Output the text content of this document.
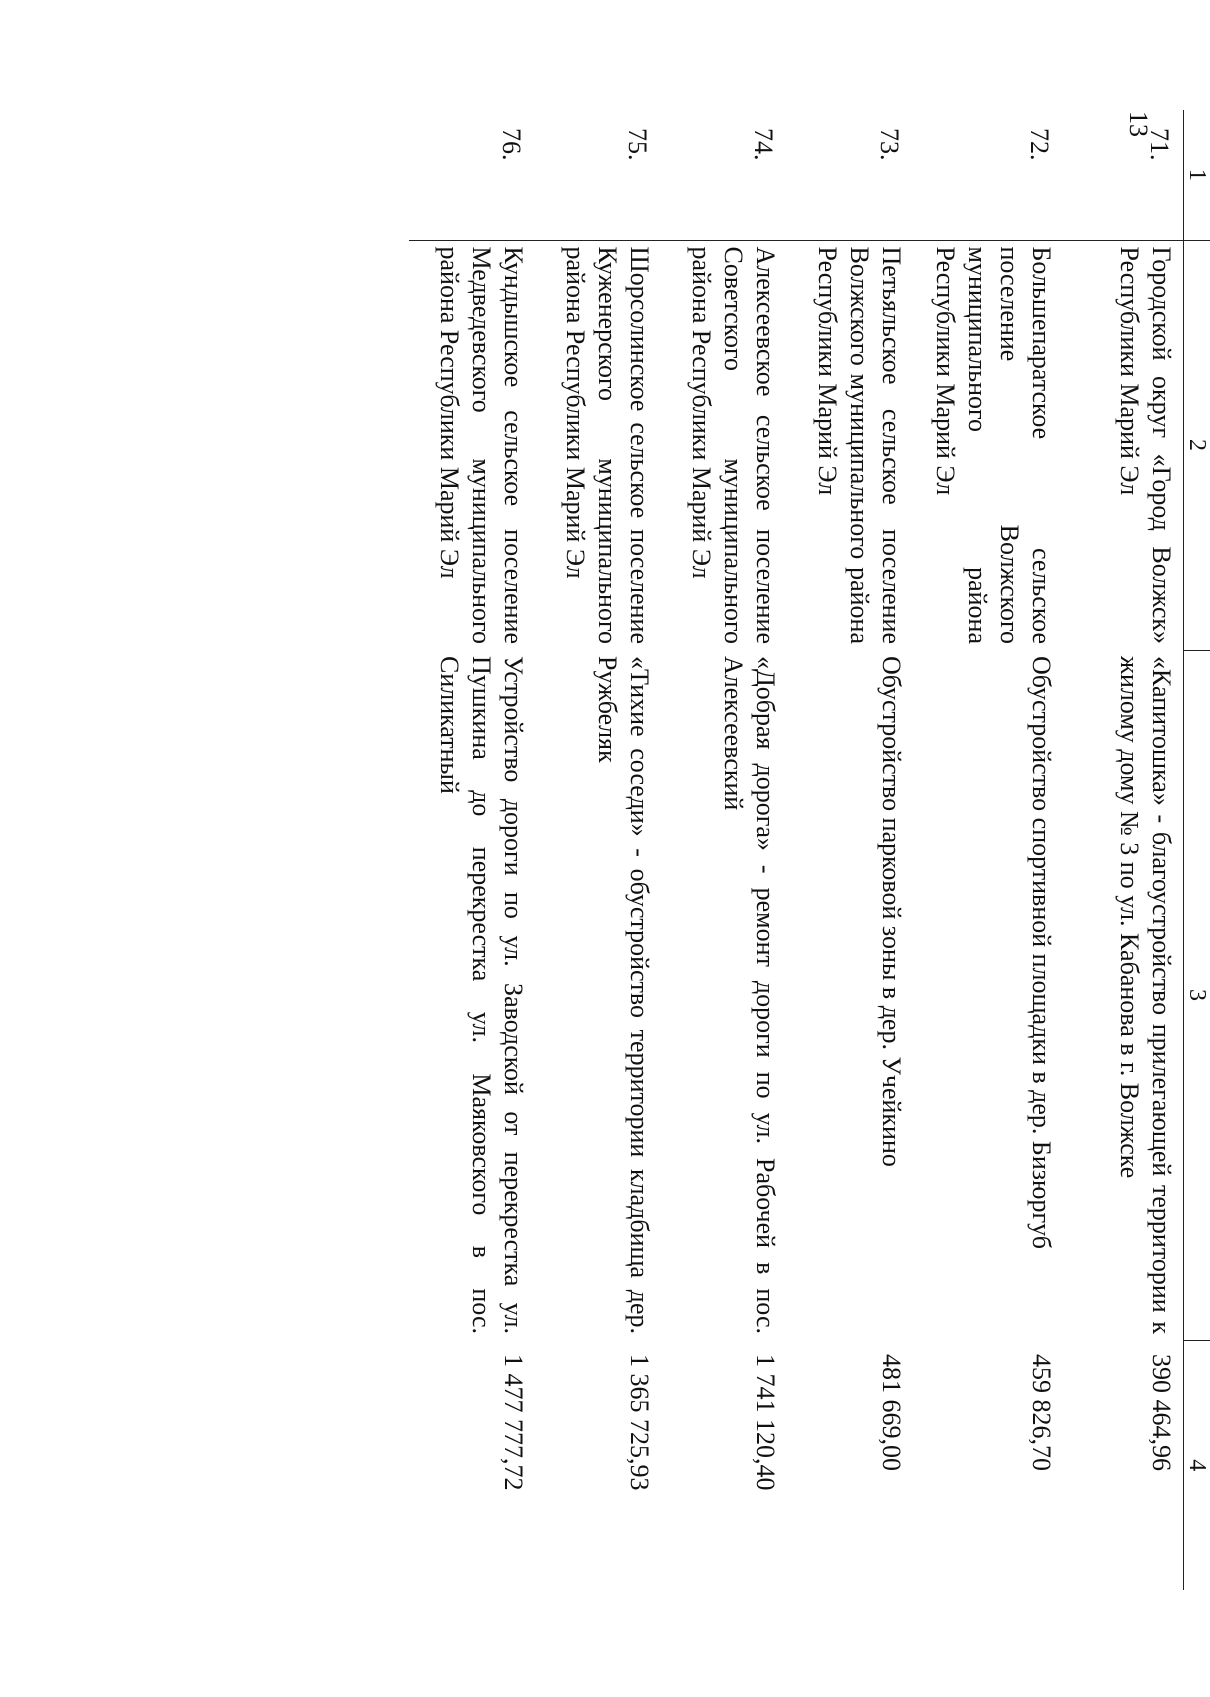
13
1	2	3	4
71.	Городской округ «Город Волжск» Республики Марий Эл	«Капитошка» - благоустройство прилегающей территории к жилому дому № 3 по ул. Кабанова в г. Волжске	390 464,96
72.	Большепаратское сельское поселение Волжского муниципального района Республики Марий Эл	Обустройство спортивной площадки в дер. Бизюргуб	459 826,70
73.	Петьяльское сельское поселение Волжского муниципального района Республики Марий Эл	Обустройство парковой зоны в дер. Учейкино	481 669,00
74.	Алексеевское сельское поселение Советского муниципального района Республики Марий Эл	«Добрая дорога» - ремонт дороги по ул. Рабочей в пос. Алексеевский	1 741 120,40
75.	Шорсолинское сельское поселение Куженерского муниципального района Республики Марий Эл	«Тихие соседи» - обустройство территории кладбища дер. Ружбеляк	1 365 725,93
76.	Кундышское сельское поселение Медведевского муниципального района Республики Марий Эл	Устройство дороги по ул. Заводской от перекрестка ул. Пушкина до перекрестка ул. Маяковского в пос. Силикатный	1 477 777,72
